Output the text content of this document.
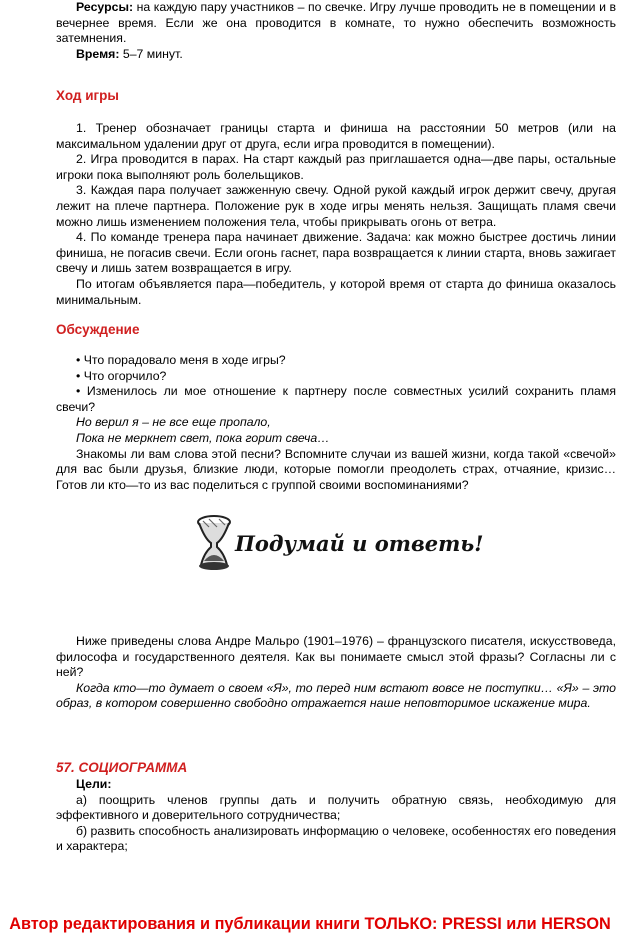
Ресурсы: на каждую пару участников – по свечке. Игру лучше проводить не в помещении и в вечернее время. Если же она проводится в комнате, то нужно обеспечить возможность затемнения.

Время: 5–7 минут.

Ход игры

1. Тренер обозначает границы старта и финиша на расстоянии 50 метров (или на максимальном удалении друг от друга, если игра проводится в помещении).

2. Игра проводится в парах. На старт каждый раз приглашается одна—две пары, остальные игроки пока выполняют роль болельщиков.

3. Каждая пара получает зажженную свечу. Одной рукой каждый игрок держит свечу, другая лежит на плече партнера. Положение рук в ходе игры менять нельзя. Защищать пламя свечи можно лишь изменением положения тела, чтобы прикрывать огонь от ветра.

4. По команде тренера пара начинает движение. Задача: как можно быстрее достичь линии финиша, не погасив свечи. Если огонь гаснет, пара возвращается к линии старта, вновь зажигает свечу и лишь затем возвращается в игру.

По итогам объявляется пара—победитель, у которой время от старта до финиша оказалось минимальным.

Обсуждение

• Что порадовало меня в ходе игры?

• Что огорчило?

• Изменилось ли мое отношение к партнеру после совместных усилий сохранить пламя свечи?

Но верил я – не все еще пропало,

Пока не меркнет свет, пока горит свеча…

Знакомы ли вам слова этой песни? Вспомните случаи из вашей жизни, когда такой «свечой» для вас были друзья, близкие люди, которые помогли преодолеть страх, отчаяние, кризис… Готов ли кто—то из вас поделиться с группой своими воспоминаниями?

Подумай и ответь!

Ниже приведены слова Андре Мальро (1901–1976) – французского писателя, искусствоведа, философа и государственного деятеля. Как вы понимаете смысл этой фразы? Согласны ли с ней?

Когда кто—то думает о своем «Я», то перед ним встают вовсе не поступки… «Я» – это образ, в котором совершенно свободно отражается наше неповторимое искажение мира.

57. СОЦИОГРАММА

Цели:

а) поощрить членов группы дать и получить обратную связь, необходимую для эффективного и доверительного сотрудничества;

б) развить способность анализировать информацию о человеке, особенностях его поведения и характера;

Автор редактирования и публикации книги ТОЛЬКО: PRESSI или HERSON
